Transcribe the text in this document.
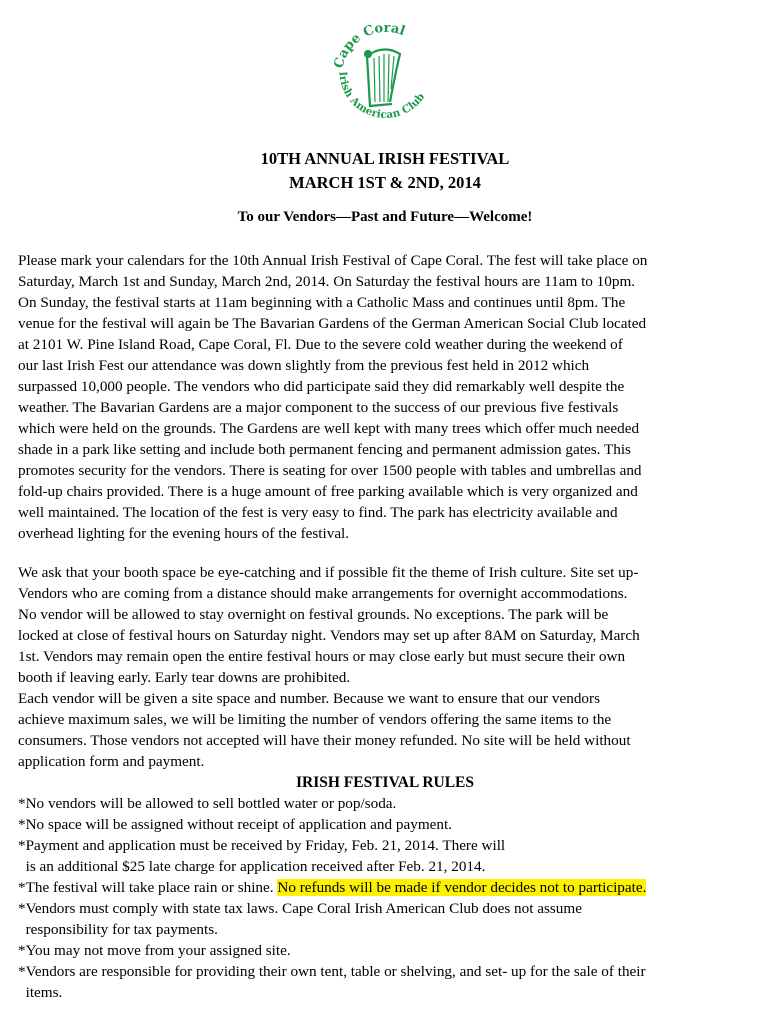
Cape Coral
Irish American Club
10TH ANNUAL IRISH FESTIVAL
MARCH 1ST & 2ND, 2014
To our Vendors—Past and Future—Welcome!
Please mark your calendars for the 10th Annual Irish Festival of Cape Coral. The fest will take place on
Saturday, March 1st and Sunday, March 2nd, 2014. On Saturday the festival hours are 11am to 10pm.
On Sunday, the festival starts at 11am beginning with a Catholic Mass and continues until 8pm. The
venue for the festival will again be The Bavarian Gardens of the German American Social Club located
at 2101 W. Pine Island Road, Cape Coral, Fl. Due to the severe cold weather during the weekend of
our last Irish Fest our attendance was down slightly from the previous fest held in 2012 which
surpassed 10,000 people. The vendors who did participate said they did remarkably well despite the
weather. The Bavarian Gardens are a major component to the success of our previous five festivals
which were held on the grounds. The Gardens are well kept with many trees which offer much needed
shade in a park like setting and include both permanent fencing and permanent admission gates. This
promotes security for the vendors. There is seating for over 1500 people with tables and umbrellas and
fold-up chairs provided. There is a huge amount of free parking available which is very organized and
well maintained. The location of the fest is very easy to find. The park has electricity available and
overhead lighting for the evening hours of the festival.
We ask that your booth space be eye-catching and if possible fit the theme of Irish culture. Site set up-
Vendors who are coming from a distance should make arrangements for overnight accommodations.
No vendor will be allowed to stay overnight on festival grounds. No exceptions. The park will be
locked at close of festival hours on Saturday night. Vendors may set up after 8AM on Saturday, March
1st. Vendors may remain open the entire festival hours or may close early but must secure their own
booth if leaving early. Early tear downs are prohibited.
Each vendor will be given a site space and number. Because we want to ensure that our vendors
achieve maximum sales, we will be limiting the number of vendors offering the same items to the
consumers. Those vendors not accepted will have their money refunded. No site will be held without
application form and payment.
IRISH FESTIVAL RULES
*No vendors will be allowed to sell bottled water or pop/soda.
*No space will be assigned without receipt of application and payment.
*Payment and application must be received by Friday, Feb. 21, 2014. There will
is an additional $25 late charge for application received after Feb. 21, 2014.
*The festival will take place rain or shine. No refunds will be made if vendor decides not to participate.
*Vendors must comply with state tax laws. Cape Coral Irish American Club does not assume
responsibility for tax payments.
*You may not move from your assigned site.
*Vendors are responsible for providing their own tent, table or shelving, and set- up for the sale of their
items.
